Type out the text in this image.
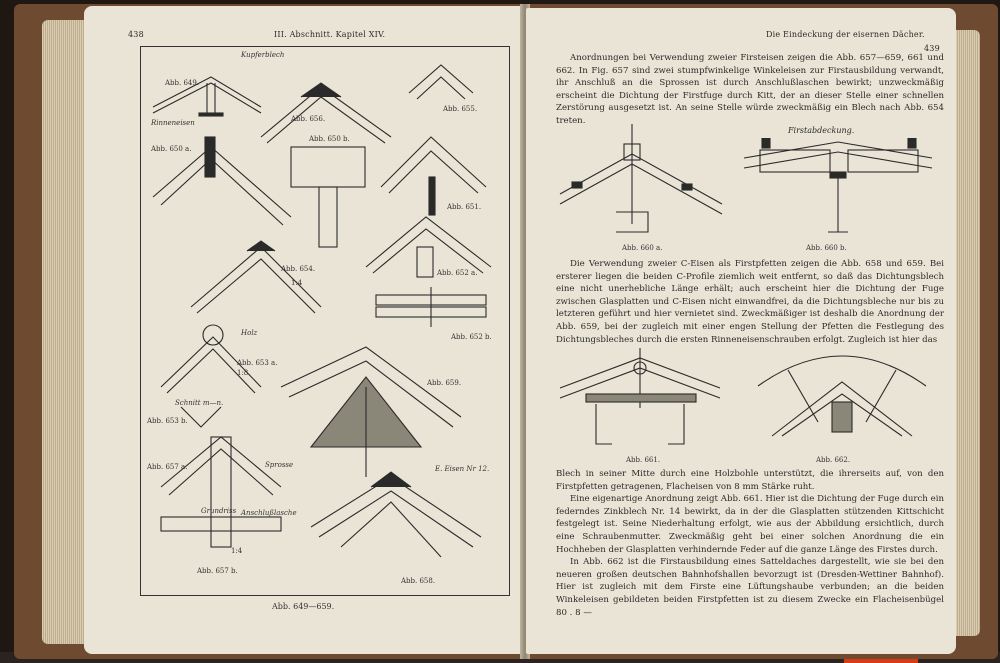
438	III. Abschnitt. Kapitel XIV.
Abb. 649.
Abb. 656.
Abb. 655.
Abb. 650 b.
Abb. 650 a.
Abb. 651.
Abb. 654.
1:4
Abb. 652 a.
Abb. 652 b.
Abb. 653 a.
1:8.
Abb. 659.
Abb. 653 b.
Abb. 657 a.
1:4
Abb. 657 b.
Abb. 658.
Kupferblech
Rinneneisen
Holz
Schnitt m—n.
Grundriss
Sprosse
Anschlußlasche
E. Eisen Nr 12.
Abb. 649—659.
Die Eindeckung der eisernen Dächer.
439

Anordnungen bei Verwendung zweier Firsteisen zeigen die Abb. 657—659, 661 und 662. In Fig. 657 sind zwei stumpfwinkelige Winkeleisen zur Firstausbildung verwandt, ihr Anschluß an die Sprossen ist durch Anschlußlaschen bewirkt; unzweckmäßig erscheint die Dichtung der Firstfuge durch Kitt, der an dieser Stelle einer schnellen Zerstörung ausgesetzt ist. An seine Stelle würde zweckmäßig ein Blech nach Abb. 654 treten.

Abb. 660 a.
Firstabdeckung.
Abb. 660 b.

Die Verwendung zweier C-Eisen als Firstpfetten zeigen die Abb. 658 und 659. Bei ersterer liegen die beiden C-Profile ziemlich weit entfernt, so daß das Dichtungsblech eine nicht unerhebliche Länge erhält; auch erscheint hier die Dichtung der Fuge zwischen Glasplatten und C-Eisen nicht einwandfrei, da die Dichtungsbleche nur bis zu letzteren geführt und hier vernietet sind. Zweckmäßiger ist deshalb die Anordnung der Abb. 659, bei der zugleich mit einer engen Stellung der Pfetten die Festlegung des Dichtungsbleches durch die ersten Rinneneisenschrauben erfolgt. Zugleich ist hier das

Abb. 661.	Abb. 662.

Blech in seiner Mitte durch eine Holzbohle unterstützt, die ihrerseits auf, von den Firstpfetten getragenen, Flacheisen von 8 mm Stärke ruht.

Eine eigenartige Anordnung zeigt Abb. 661. Hier ist die Dichtung der Fuge durch ein federndes Zinkblech Nr. 14 bewirkt, da in der die Glasplatten stützenden Kittschicht festgelegt ist. Seine Niederhaltung erfolgt, wie aus der Abbildung ersichtlich, durch eine Schraubenmutter. Zweckmäßig geht bei einer solchen Anordnung die ein Hochheben der Glasplatten verhindernde Feder auf die ganze Länge des Firstes durch.

In Abb. 662 ist die Firstausbildung eines Satteldaches dargestellt, wie sie bei den neueren großen deutschen Bahnhofshallen bevorzugt ist (Dresden-Wettiner Bahnhof). Hier ist zugleich mit dem Firste eine Lüftungshaube verbunden; an die beiden Winkeleisen gebildeten beiden Firstpfetten ist zu diesem Zwecke ein Flacheisenbügel 80 . 8 —
